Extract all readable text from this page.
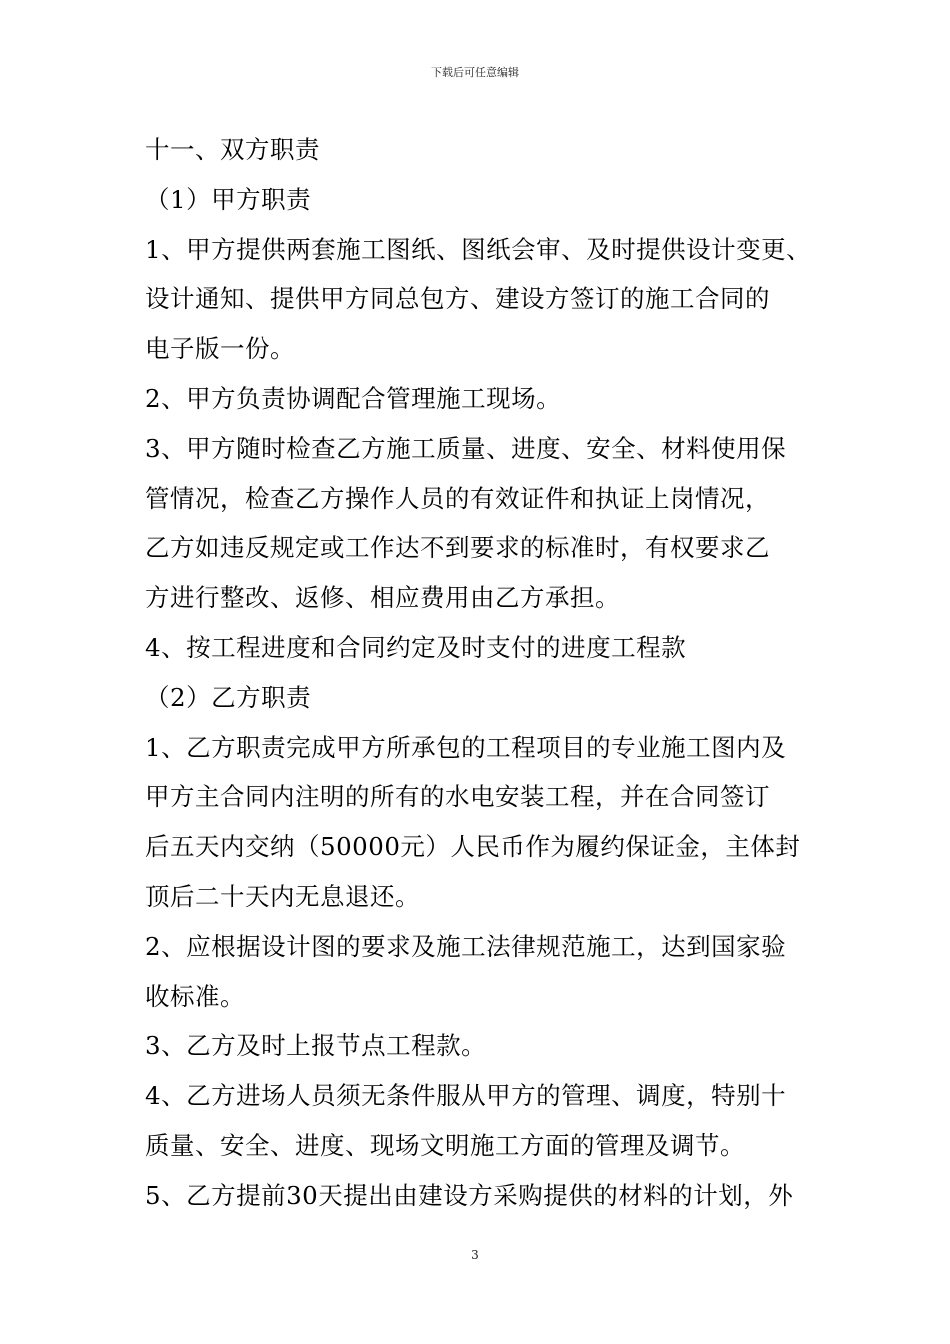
下载后可任意编辑
十一、双方职责
（1）甲方职责
1、甲方提供两套施工图纸、图纸会审、及时提供设计变更、
设计通知、提供甲方同总包方、建设方签订的施工合同的
电子版一份。
2、甲方负责协调配合管理施工现场。
3、甲方随时检查乙方施工质量、进度、安全、材料使用保
管情况，检查乙方操作人员的有效证件和执证上岗情况，
乙方如违反规定或工作达不到要求的标准时，有权要求乙
方进行整改、返修、相应费用由乙方承担。
4、按工程进度和合同约定及时支付的进度工程款
（2）乙方职责
1、乙方职责完成甲方所承包的工程项目的专业施工图内及
甲方主合同内注明的所有的水电安装工程，并在合同签订
后五天内交纳（50000元）人民币作为履约保证金，主体封
顶后二十天内无息退还。
2、应根据设计图的要求及施工法律规范施工，达到国家验
收标准。
3、乙方及时上报节点工程款。
4、乙方进场人员须无条件服从甲方的管理、调度，特别十
质量、安全、进度、现场文明施工方面的管理及调节。
5、乙方提前30天提出由建设方采购提供的材料的计划，外
3
